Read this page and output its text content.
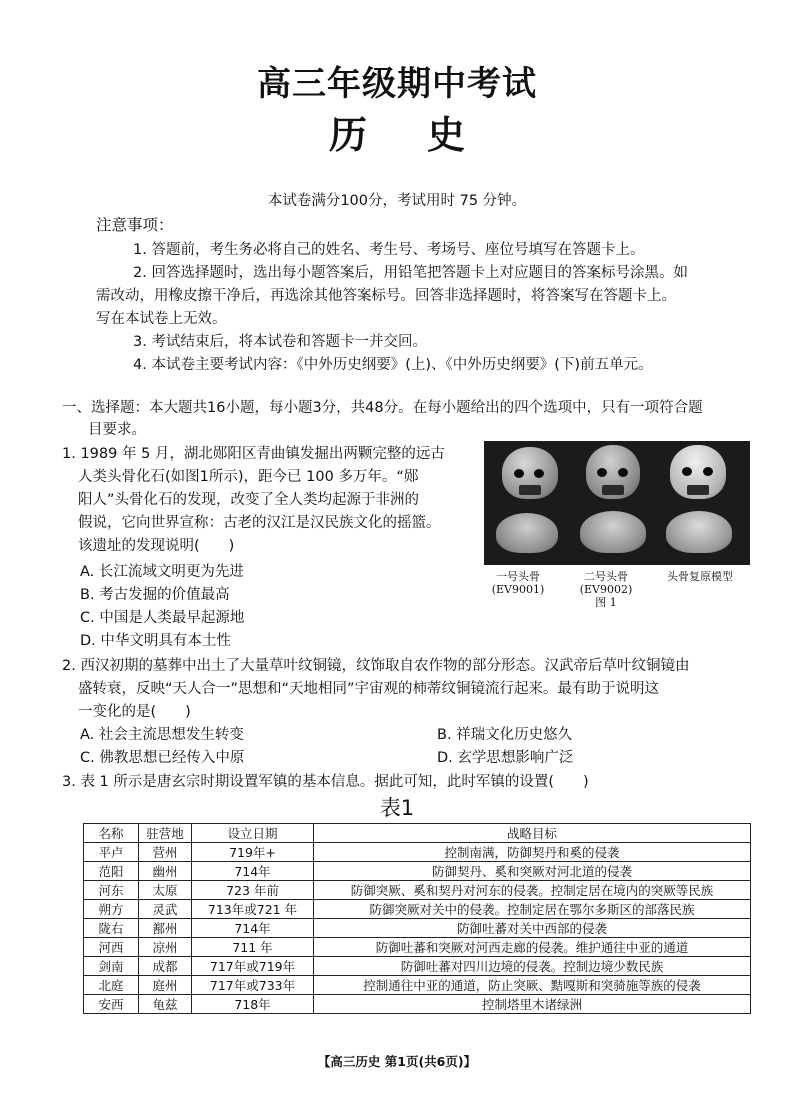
高三年级期中考试
历 史
本试卷满分100分，考试用时 75 分钟。
注意事项：
1. 答题前，考生务必将自己的姓名、考生号、考场号、座位号填写在答题卡上。
2. 回答选择题时，选出每小题答案后，用铅笔把答题卡上对应题目的答案标号涂黑。如
需改动，用橡皮擦干净后，再选涂其他答案标号。回答非选择题时，将答案写在答题卡上。
写在本试卷上无效。
3. 考试结束后，将本试卷和答题卡一并交回。
4. 本试卷主要考试内容：《中外历史纲要》(上)、《中外历史纲要》(下)前五单元。
一、选择题：本大题共16小题，每小题3分，共48分。在每小题给出的四个选项中，只有一项符合题
目要求。
1. 1989 年 5 月，湖北郧阳区青曲镇发掘出两颗完整的远古
人类头骨化石(如图1所示)，距今已 100 多万年。“郧
阳人”头骨化石的发现，改变了全人类均起源于非洲的
假说，它向世界宣称：古老的汉江是汉民族文化的摇篮。
该遗址的发现说明(　　)
A. 长江流域文明更为先进
B. 考古发掘的价值最高
C. 中国是人类最早起源地
D. 中华文明具有本土性
一号头骨
(EV9001)
二号头骨
(EV9002)
图 1
头骨复原模型
2. 西汉初期的墓葬中出土了大量草叶纹铜镜，纹饰取自农作物的部分形态。汉武帝后草叶纹铜镜由
盛转衰，反映“天人合一”思想和“天地相同”宇宙观的柿蒂纹铜镜流行起来。最有助于说明这
一变化的是(　　)
A. 社会主流思想发生转变	B. 祥瑞文化历史悠久
C. 佛教思想已经传入中原	D. 玄学思想影响广泛
3. 表 1 所示是唐玄宗时期设置军镇的基本信息。据此可知，此时军镇的设置(　　)
表1
名称	驻营地	设立日期	战略目标
平卢	营州	719年+	控制南满，防御契丹和奚的侵袭
范阳	幽州	714年	防御契丹、奚和突厥对河北道的侵袭
河东	太原	723 年前	防御突厥、奚和契丹对河东的侵袭。控制定居在境内的突厥等民族
朔方	灵武	713年或721 年	防御突厥对关中的侵袭。控制定居在鄂尔多斯区的部落民族
陇右	鄯州	714年	防御吐蕃对关中西部的侵袭
河西	凉州	711 年	防御吐蕃和突厥对河西走廊的侵袭。维护通往中亚的通道
剑南	成都	717年或719年	防御吐蕃对四川边境的侵袭。控制边境少数民族
北庭	庭州	717年或733年	控制通往中亚的通道，防止突厥、黠嘎斯和突骑施等族的侵袭
安西	龟兹	718年	控制塔里木诸绿洲
【高三历史 第1页(共6页)】
